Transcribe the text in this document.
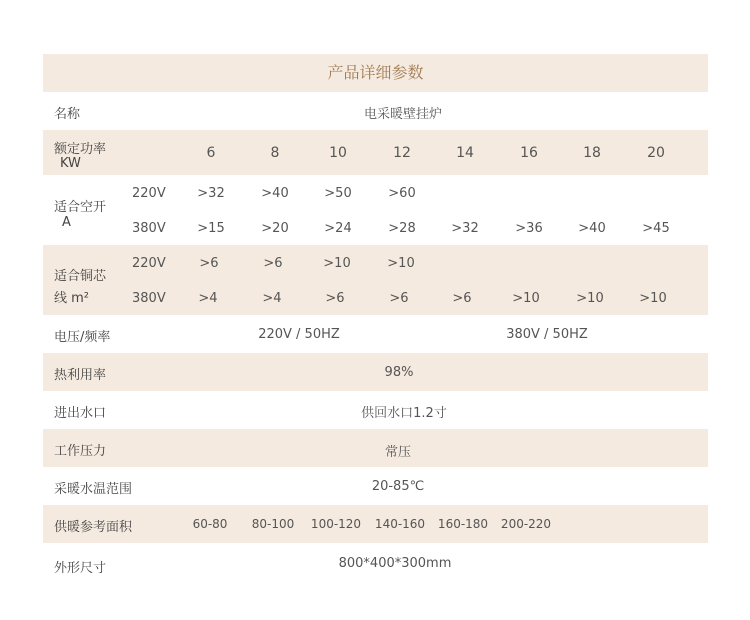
产品详细参数
名称	电采暖壁挂炉
额定功率
KW
6	8	10	12	14	16	18	20
适合空开
A
220V >32	>40	>50	>60
380V >15	>20	>24	>28	>32	>36	>40	>45
适合铜芯
线 m²
220V	>6	>6	>10	>10
380V	>4	>4	>6	>6	>6	>10	>10	>10
电压/频率	220V / 50HZ	380V / 50HZ
热利用率	98%
进出水口	供回水口1.2寸
工作压力	常压
采暖水温范围	20-85℃
供暖参考面积	60-80 80-100 100-120 140-160 160-180 200-220
外形尺寸	800*400*300mm
